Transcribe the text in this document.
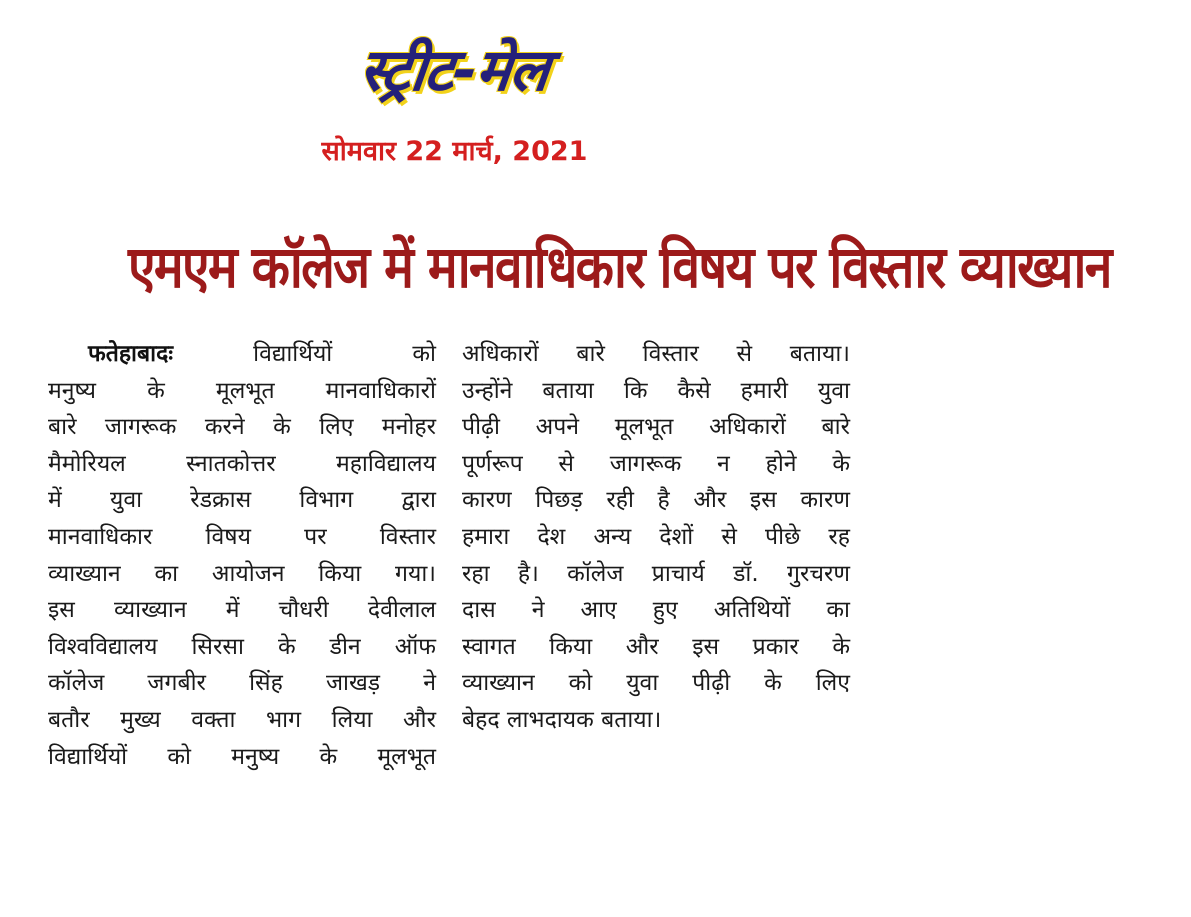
स्ट्रीट-मेल
सोमवार 22 मार्च, 2021
एमएम कॉलेज में मानवाधिकार विषय पर विस्तार व्याख्यान
फतेहाबादः	विद्यार्थियों को
मनुष्य के मूलभूत मानवाधिकारों
बारे जागरूक करने के लिए मनोहर
मैमोरियल स्नातकोत्तर महाविद्यालय
में युवा रेडक्रास विभाग द्वारा
मानवाधिकार विषय पर विस्तार
व्याख्यान का आयोजन किया गया।
इस व्याख्यान में चौधरी देवीलाल
विश्वविद्यालय सिरसा के डीन ऑफ
कॉलेज जगबीर सिंह जाखड़ ने
बतौर मुख्य वक्ता भाग लिया और
विद्यार्थियों को मनुष्य के मूलभूत
अधिकारों बारे विस्तार से बताया।
उन्होंने बताया कि कैसे हमारी युवा
पीढ़ी अपने मूलभूत अधिकारों बारे
पूर्णरूप से जागरूक न होने के
कारण पिछड़ रही है और इस कारण
हमारा देश अन्य देशों से पीछे रह
रहा है। कॉलेज प्राचार्य डॉ. गुरचरण
दास ने आए हुए अतिथियों का
स्वागत किया और इस प्रकार के
व्याख्यान को युवा पीढ़ी के लिए
बेहद लाभदायक बताया।
